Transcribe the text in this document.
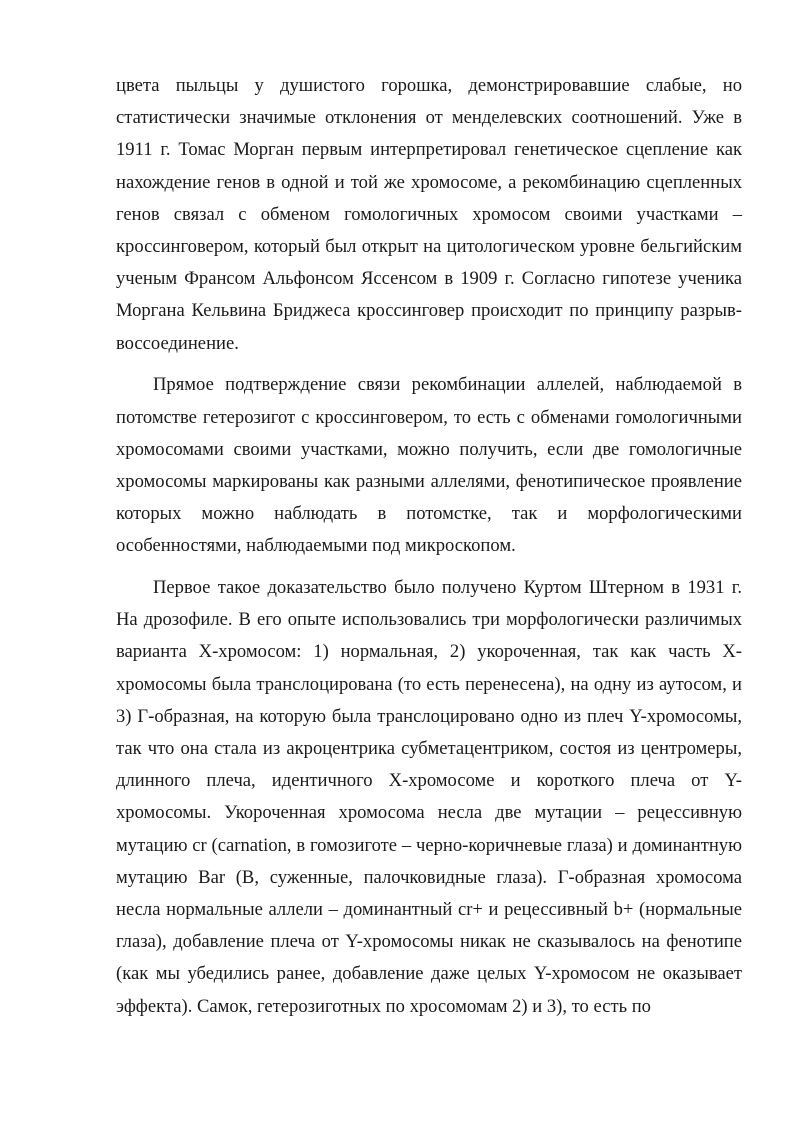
цвета пыльцы у душистого горошка, демонстрировавшие слабые, но статистически значимые отклонения от менделевских соотношений. Уже в 1911 г. Томас Морган первым интерпретировал генетическое сцепление как нахождение генов в одной и той же хромосоме, а рекомбинацию сцепленных генов связал с обменом гомологичных хромосом своими участками – кроссинговером, который был открыт на цитологическом уровне бельгийским ученым Франсом Альфонсом Яссенсом в 1909 г. Согласно гипотезе ученика Моргана Кельвина Бриджеса кроссинговер происходит по принципу разрыв-воссоединение.

Прямое подтверждение связи рекомбинации аллелей, наблюдаемой в потомстве гетерозигот с кроссинговером, то есть с обменами гомологичными хромосомами своими участками, можно получить, если две гомологичные хромосомы маркированы как разными аллелями, фенотипическое проявление которых можно наблюдать в потомстке, так и морфологическими особенностями, наблюдаемыми под микроскопом.

Первое такое доказательство было получено Куртом Штерном в 1931 г. На дрозофиле. В его опыте использовались три морфологически различимых варианта X-хромосом: 1) нормальная, 2) укороченная, так как часть X-хромосомы была транслоцирована (то есть перенесена), на одну из аутосом, и 3) Г-образная, на которую была транслоцировано одно из плеч Y-хромосомы, так что она стала из акроцентрика субметацентриком, состоя из центромеры, длинного плеча, идентичного X-хромосоме и короткого плеча от Y-хромосомы. Укороченная хромосома несла две мутации – рецессивную мутацию cr (carnation, в гомозиготе – черно-коричневые глаза) и доминантную мутацию Bar (B, суженные, палочковидные глаза). Г-образная хромосома несла нормальные аллели – доминантный cr+ и рецессивный b+ (нормальные глаза), добавление плеча от Y-хромосомы никак не сказывалось на фенотипе (как мы убедились ранее, добавление даже целых Y-хромосом не оказывает эффекта). Самок, гетерозиготных по хросомомам 2) и 3), то есть по
